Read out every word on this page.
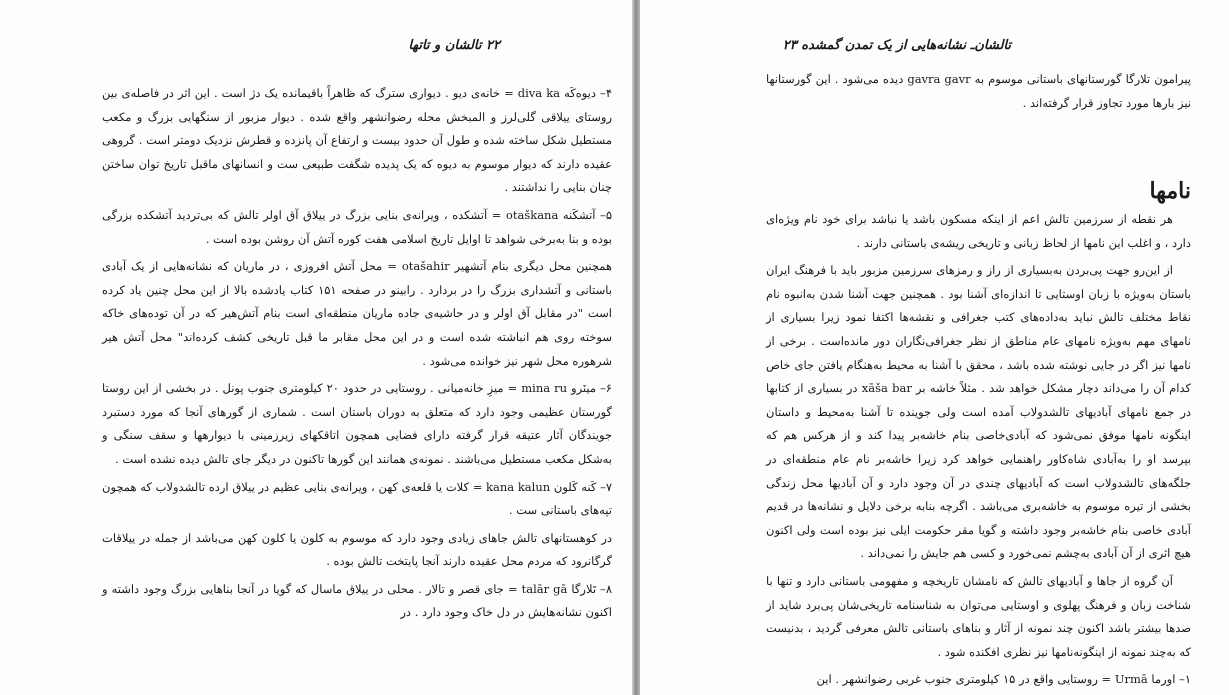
۲۲ تالشان و تاتها

۴– دیوه‌کَه diva ka = خانه‌ی دیو . دیواری سترگ که ظاهراً باقیمانده یک دژ است . این اثر در فاصله‌ی بین روستای ییلاقی گلی‌لرز و المبخش محله رضوانشهر واقع شده . دیوار مزبور از سنگهایی بزرگ و مکعب مستطیل شکل ساخته شده و طول آن حدود بیست و ارتفاع آن پانزده و قطرش نزدیک دومتر است . گروهی عقیده دارند که دیوار موسوم به دیوه که یک پدیده شگفت طبیعی ست و انسانهای ماقبل تاریخ توان ساختن چنان بنایی را نداشتند .

۵– آتشکَنه otaškana = آتشکده ، ویرانه‌ی بنایی بزرگ در ییلاق آق اولر تالش که بی‌تردید آتشکده بزرگی بوده و بنا به‌برخی شواهد تا اوایل تاریخ اسلامی هفت کوره آتش آن روشن بوده است .

همچنین محل دیگری بنام آتشهیر otašahir = محل آتش افروزی ، در ماریان که نشانه‌هایی از یک آبادی باستانی و آتشداری بزرگ را در بردارد . رابینو در صفحه ۱۵۱ کتاب یادشده بالا از این محل چنین یاد کرده است "در مقابل آق اولر و در حاشیه‌ی جاده ماریان منطقه‌ای است بنام آتش‌هیر که در آن توده‌های خاکه سوخته روی هم انباشته شده است و در این محل مقابر ما قبل تاریخی کشف کرده‌اند" محل آتش هیر شرهوره محل شهر نیز خوانده می‌شود .

۶– مینَرو mina ru = میزِ خانه‌میانی . روستایی در حدود ۲۰ کیلومتری جنوب پونل . در بخشی از این روستا گورستان عظیمی وجود دارد که متعلق به دوران باستان است . شماری از گورهای آنجا که مورد دستبرد جویندگان آثار عتیقه قرار گرفته دارای فضایی همچون اتاقکهای زیرزمینی با دیوارهها و سقف سنگی و به‌شکل مکعب مستطیل می‌باشند . نمونه‌ی همانند این گورها تاکنون در دیگر جای تالش دیده نشده است .

۷– کَنه کَلون kana kalun = کلات یا قلعه‌ی کهن ، ویرانه‌ی بنایی عظیم در ییلاق ارده تالشدولاب که همچون تپه‌های باستانی ست .

در کوهستانهای تالش جاهای زیادی وجود دارد که موسوم به کلون یا کلون کهن می‌باشد از جمله در ییلاقات گرگانرود که مردم محل عقیده دارند آنجا پایتخت تالش بوده .

۸– تَلارگا talār gā = جای قصر و تالار . محلی در ییلاق ماسال که گویا در آنجا بناهایی بزرگ وجود داشته و اکنون نشانه‌هایش در دل خاک وجود دارد . در

تالشان‌ـ نشانه‌هایی از یک تمدن گمشده ۲۳

پیرامون تلارگا گورستانهای باستانی موسوم به gavra gavr دیده می‌شود . این گورستانها نیز بارها مورد تجاوز قرار گرفته‌اند .

نامها

هر نقطه از سرزمین تالش اعم از اینکه مسکون باشد یا نباشد برای خود نام ویژه‌ای دارد ، و اغلب این نامها از لحاظ زبانی و تاریخی ریشه‌ی باستانی دارند .

از این‌رو جهت پی‌بردن به‌بسیاری از راز و رمزهای سرزمین مزبور باید با فرهنگ ایران باستان به‌ویژه با زبان اوستایی تا اندازه‌ای آشنا بود . همچنین جهت آشنا شدن به‌انبوه نام نقاط مختلف تالش نباید به‌داده‌های کتب جغرافی و نقشه‌ها اکتفا نمود زیرا بسیاری از نامهای مهم به‌ویژه نامهای عام مناطق از نظر جغرافی‌نگاران دور مانده‌است . برخی از نامها نیز اگر در جایی نوشته شده باشد ، محقق با آشنا به محیط به‌هنگام یافتن جای خاص کدام آن را می‌داند دچار مشکل خواهد شد . مثلاً خاشه بر xāša bar در بسیاری از کتابها در جمع نامهای آبادیهای تالشدولاب آمده است ولی جوینده تا آشنا به‌محیط و داستان اینگونه نامها موفق نمی‌شود که آبادی‌خاصی بنام خاشه‌بر پیدا کند و از هرکس هم که بپرسد او را به‌آبادی شاه‌کاور راهنمایی خواهد کرد زیرا خاشه‌بر نام عام منطقه‌ای در جلگه‌های تالشدولاب است که آبادیهای چندی در آن وجود دارد و آن آبادیها محل زندگی بخشی از تیره موسوم به خاشه‌بری می‌باشد . اگرچه بنابه برخی دلایل و نشانه‌ها در قدیم آبادی خاصی بنام خاشه‌بر وجود داشته و گویا مقر حکومت ایلی نیز بوده است ولی اکنون هیچ اثری از آن آبادی به‌چشم نمی‌خورد و کسی هم جایش را نمی‌داند .

آن گروه از جاها و آبادیهای تالش که نامشان تاریخچه و مفهومی باستانی دارد و تنها با شناخت زبان و فرهنگ پهلوی و اوستایی می‌توان به شناسنامه تاریخی‌شان پی‌برد شاید از صدها بیشتر باشد اکنون چند نمونه از آثار و بناهای باستانی تالش معرفی گردید ، بدنیست که به‌چند نمونه از اینگونه‌نامها نیز نظری افکنده شود .

۱– اورما Urmā = روستایی واقع در ۱۵ کیلومتری جنوب غربی رضوانشهر . این
